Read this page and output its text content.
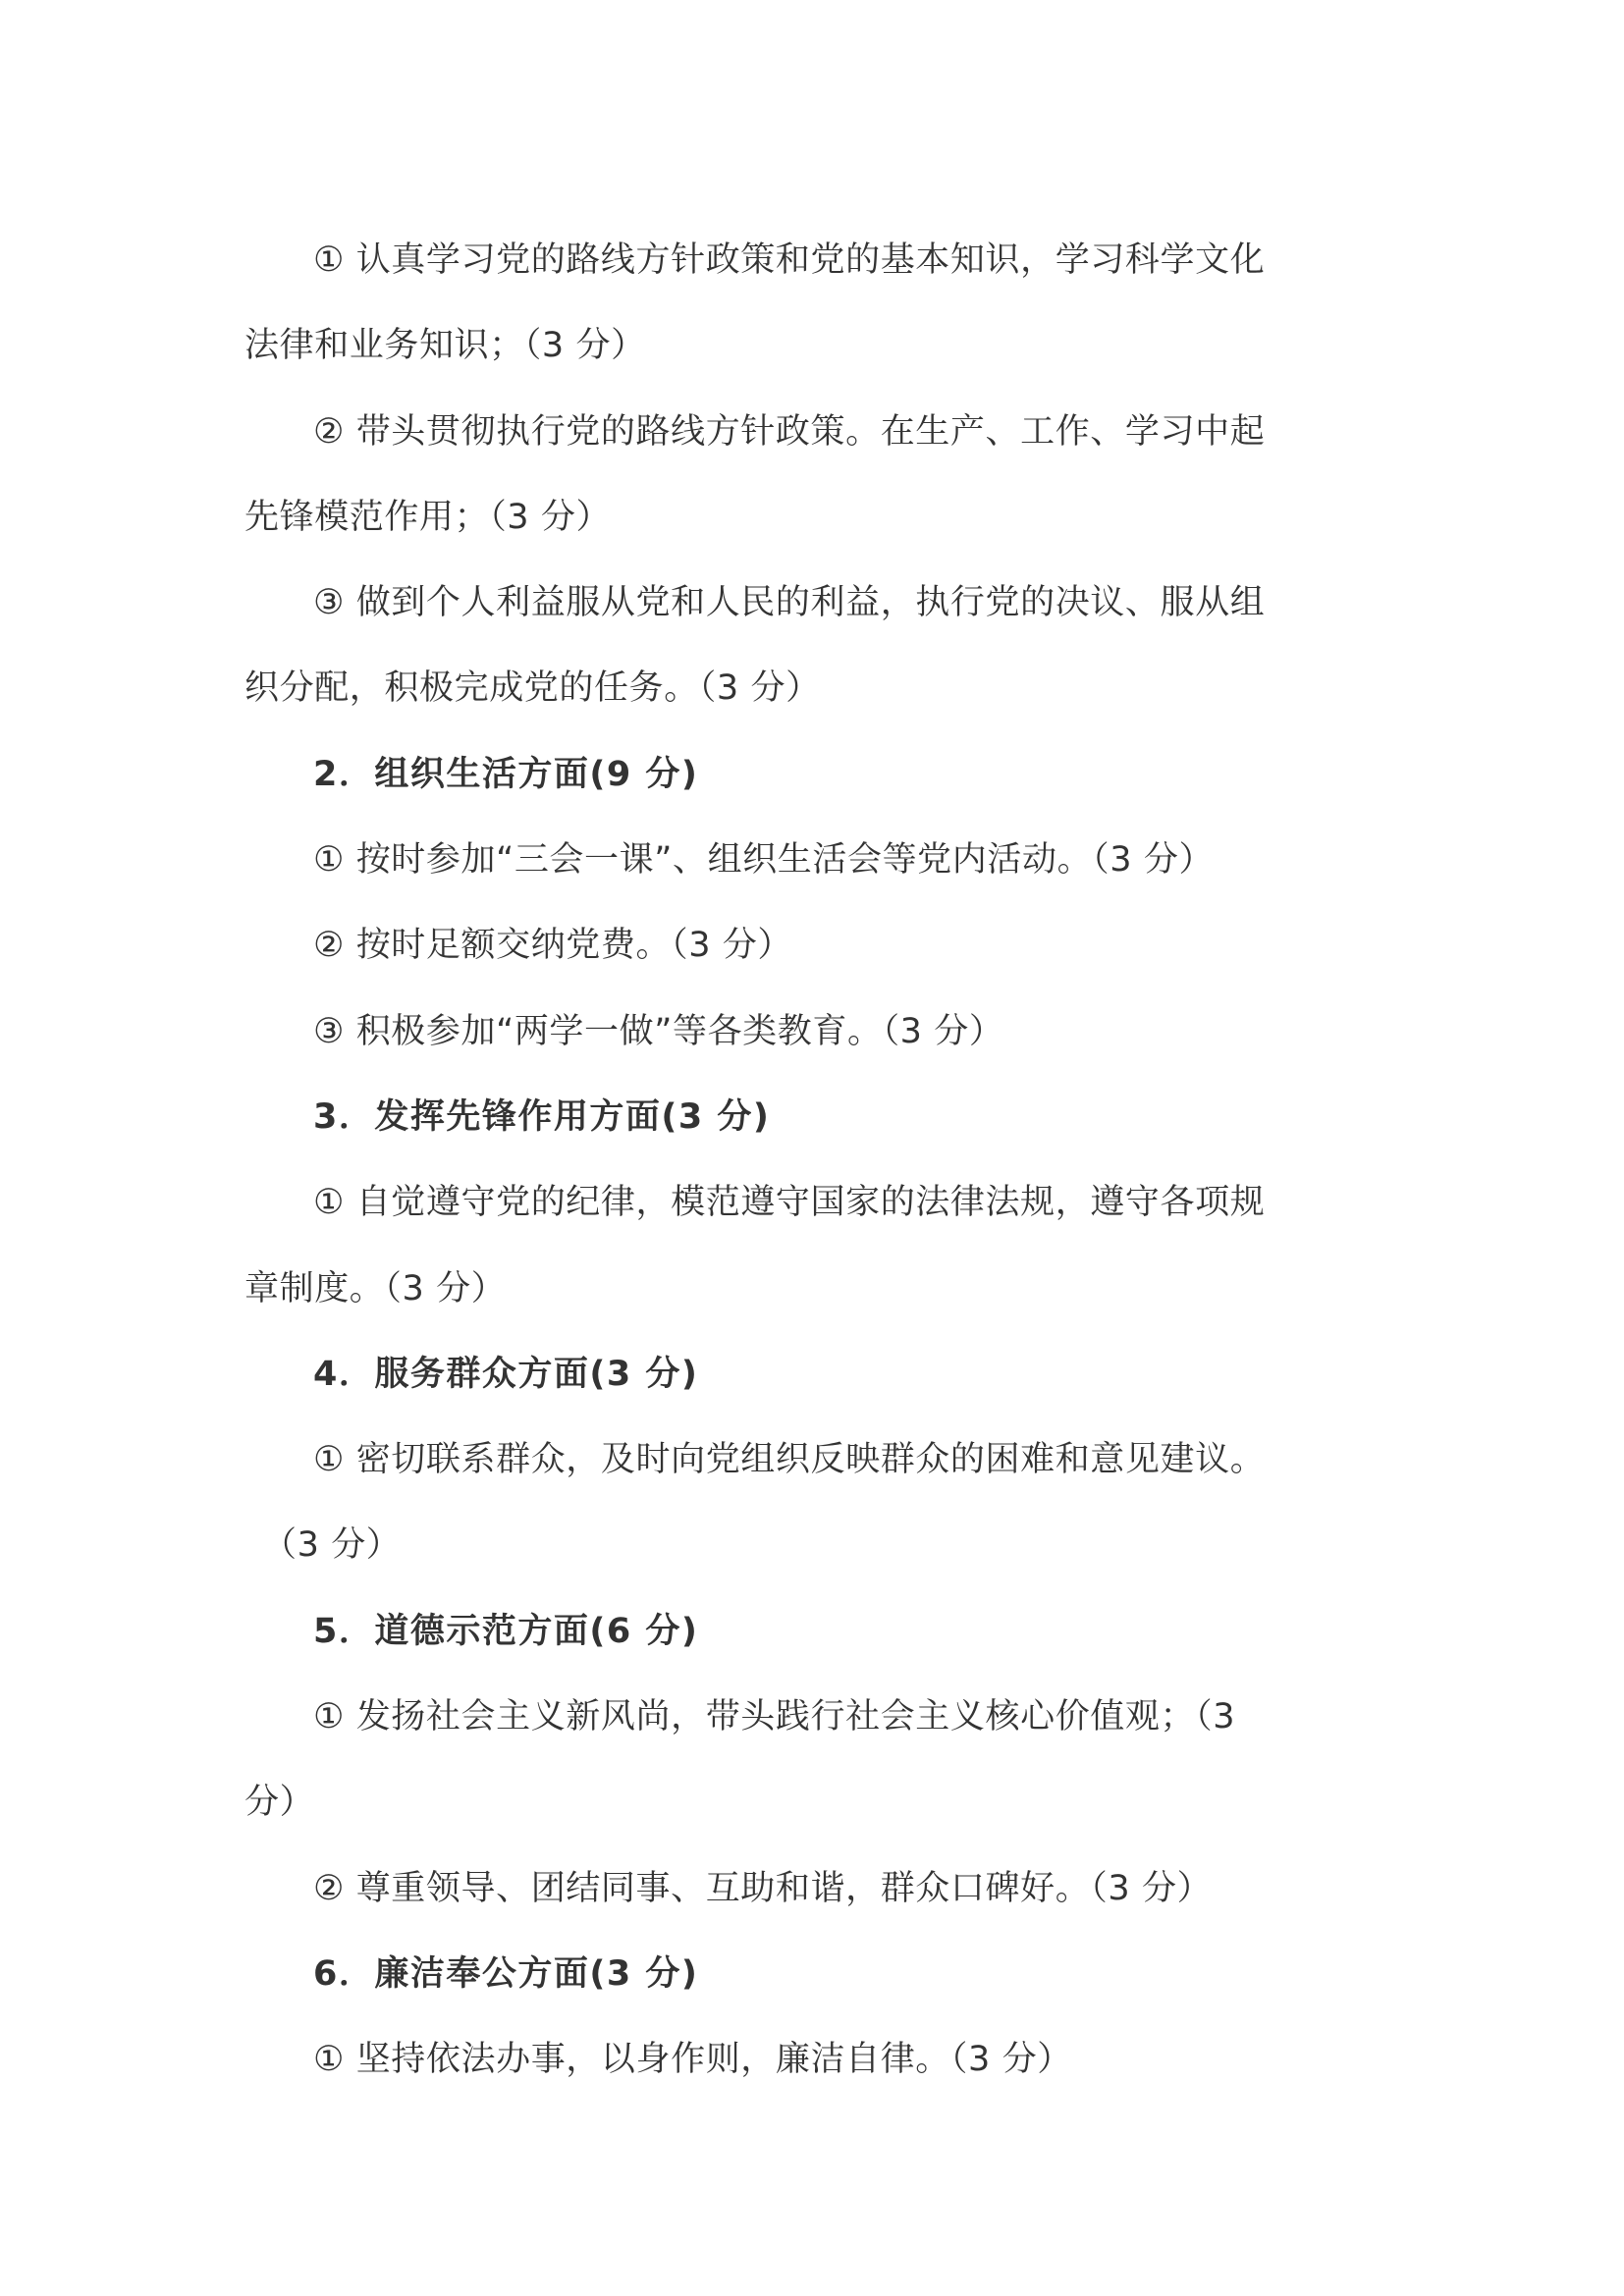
① 认真学习党的路线方针政策和党的基本知识，学习科学文化
法律和业务知识；（3 分）
② 带头贯彻执行党的路线方针政策。在生产、工作、学习中起
先锋模范作用；（3 分）
③ 做到个人利益服从党和人民的利益，执行党的决议、服从组
织分配，积极完成党的任务。（3 分）
2．组织生活方面(9 分)
① 按时参加“三会一课”、组织生活会等党内活动。（3 分）
② 按时足额交纳党费。（3 分）
③ 积极参加“两学一做”等各类教育。（3 分）
3．发挥先锋作用方面(3 分)
① 自觉遵守党的纪律，模范遵守国家的法律法规，遵守各项规
章制度。（3 分）
4．服务群众方面(3 分)
① 密切联系群众，及时向党组织反映群众的困难和意见建议。
（3 分）
5．道德示范方面(6 分)
① 发扬社会主义新风尚，带头践行社会主义核心价值观；（3
分）
② 尊重领导、团结同事、互助和谐，群众口碑好。（3 分）
6．廉洁奉公方面(3 分)
① 坚持依法办事，以身作则，廉洁自律。（3 分）
